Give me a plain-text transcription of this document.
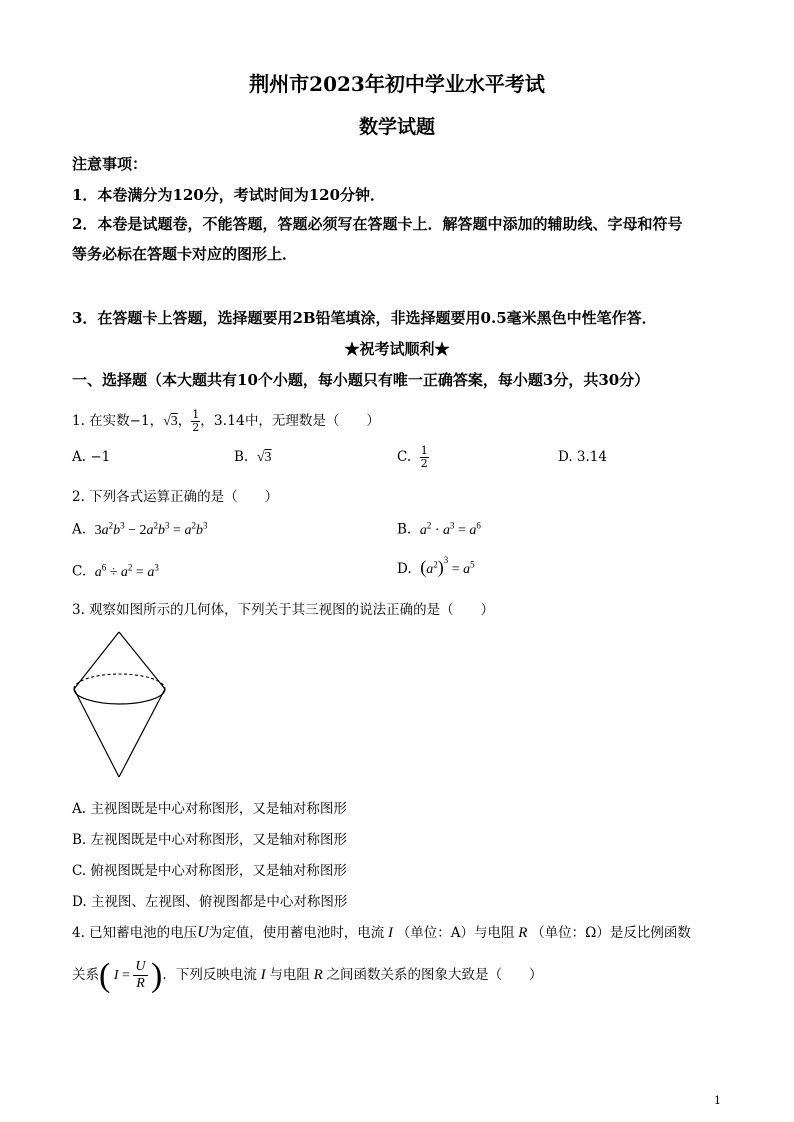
荆州市2023年初中学业水平考试
数学试题
注意事项：
1．本卷满分为120分，考试时间为120分钟．
2．本卷是试题卷，不能答题，答题必须写在答题卡上．解答题中添加的辅助线、字母和符号
等务必标在答题卡对应的图形上．
3．在答题卡上答题，选择题要用2B铅笔填涂，非选择题要用0.5毫米黑色中性笔作答．
★祝考试顺利★
一、选择题（本大题共有10个小题，每小题只有唯一正确答案，每小题3分，共30分）
1. 在实数−1，√3， $\frac{1}{2}$ ，3.14中，无理数是（　　）
A. −1	B. √3	C. $\frac{1}{2}$	D. 3.14
2. 下列各式运算正确的是（　　）
A. $3a^2b^3 - 2a^2b^3 = a^2b^3$	B. $a^2 \cdot a^3 = a^6$
C. $a^6 \div a^2 = a^3$	D. $(a^2)^3 = a^5$
3. 观察如图所示的几何体，下列关于其三视图的说法正确的是（　　）
A. 主视图既是中心对称图形，又是轴对称图形
B. 左视图既是中心对称图形，又是轴对称图形
C. 俯视图既是中心对称图形，又是轴对称图形
D. 主视图、左视图、俯视图都是中心对称图形
4. 已知蓄电池的电压U为定值，使用蓄电池时，电流 I （单位：A）与电阻 R （单位：Ω）是反比例函数
关系( $I = \frac{U}{R}$ )．下列反映电流 I 与电阻 R 之间函数关系的图象大致是（　　）
1
